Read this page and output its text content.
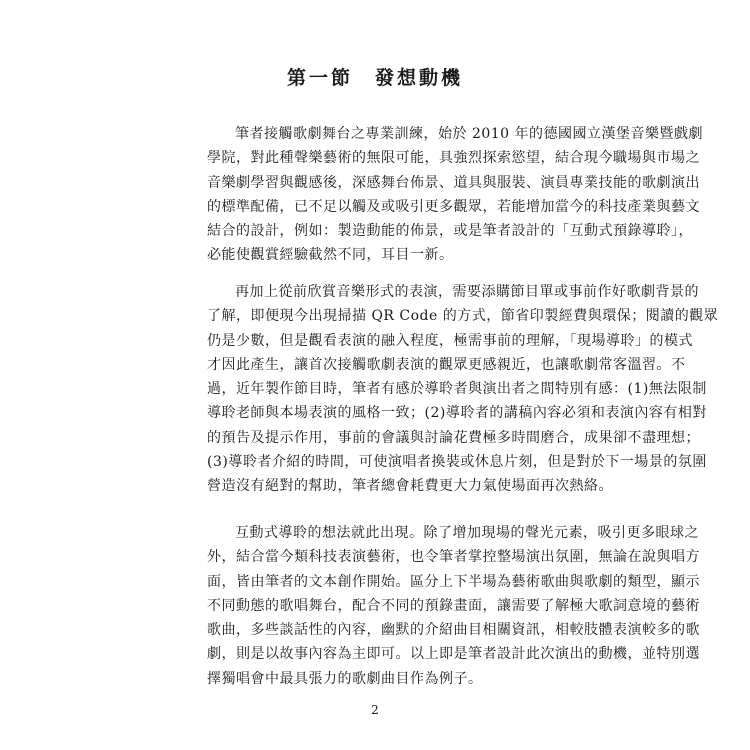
第一節　發想動機
筆者接觸歌劇舞台之專業訓練，始於 2010 年的德國國立漢堡音樂暨戲劇
學院，對此種聲樂藝術的無限可能，具強烈探索慾望，結合現今職場與市場之
音樂劇學習與觀感後，深感舞台佈景、道具與服裝、演員專業技能的歌劇演出
的標準配備，已不足以觸及或吸引更多觀眾，若能增加當今的科技產業與藝文
結合的設計，例如：製造動能的佈景，或是筆者設計的「互動式預錄導聆」，
必能使觀賞經驗截然不同，耳目一新。
再加上從前欣賞音樂形式的表演，需要添購節目單或事前作好歌劇背景的
了解，即便現今出現掃描 QR Code 的方式，節省印製經費與環保；閱讀的觀眾
仍是少數，但是觀看表演的融入程度，極需事前的理解，「現場導聆」的模式
才因此產生，讓首次接觸歌劇表演的觀眾更感親近，也讓歌劇常客溫習。不
過，近年製作節目時，筆者有感於導聆者與演出者之間特別有感：(1)無法限制
導聆老師與本場表演的風格一致；(2)導聆者的講稿內容必須和表演內容有相對
的預告及提示作用，事前的會議與討論花費極多時間磨合，成果卻不盡理想；
(3)導聆者介紹的時間，可使演唱者換裝或休息片刻，但是對於下一場景的氛圍
營造沒有絕對的幫助，筆者總會耗費更大力氣使場面再次熱絡。
互動式導聆的想法就此出現。除了增加現場的聲光元素，吸引更多眼球之
外，結合當今類科技表演藝術，也令筆者掌控整場演出氛圍，無論在說與唱方
面，皆由筆者的文本創作開始。區分上下半場為藝術歌曲與歌劇的類型，顯示
不同動態的歌唱舞台，配合不同的預錄畫面，讓需要了解極大歌詞意境的藝術
歌曲，多些談話性的內容，幽默的介紹曲目相關資訊，相較肢體表演較多的歌
劇，則是以故事內容為主即可。以上即是筆者設計此次演出的動機，並特別選
擇獨唱會中最具張力的歌劇曲目作為例子。
2
